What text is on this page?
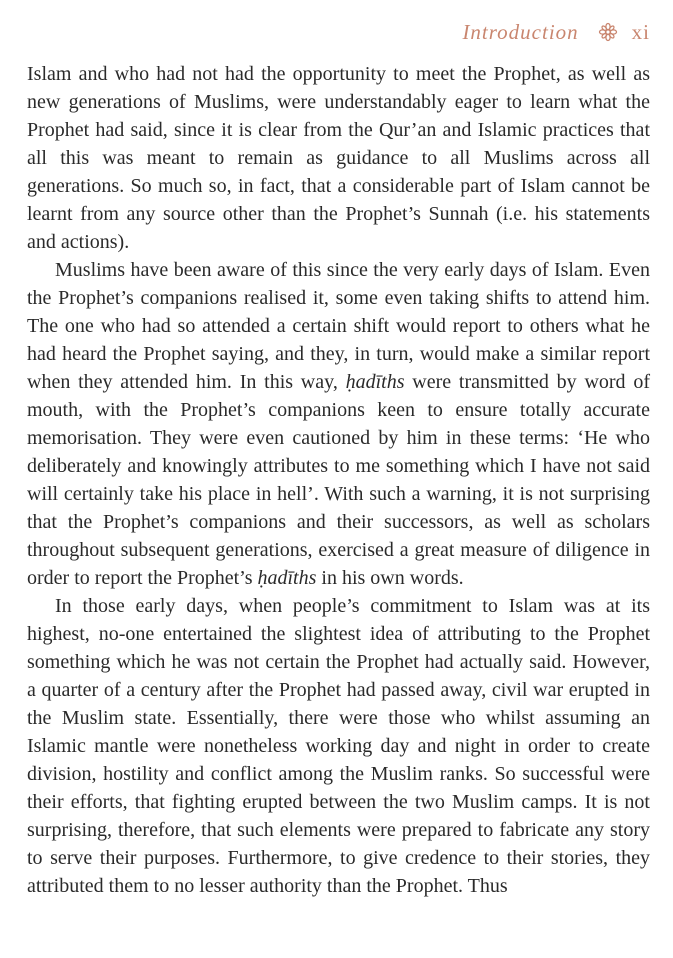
Introduction	xi

Islam and who had not had the opportunity to meet the Prophet, as well as new generations of Muslims, were understandably eager to learn what the Prophet had said, since it is clear from the Qur’an and Islamic practices that all this was meant to remain as guidance to all Muslims across all generations. So much so, in fact, that a considerable part of Islam cannot be learnt from any source other than the Prophet’s Sunnah (i.e. his statements and actions).

Muslims have been aware of this since the very early days of Islam. Even the Prophet’s companions realised it, some even taking shifts to attend him. The one who had so attended a certain shift would report to others what he had heard the Prophet saying, and they, in turn, would make a similar report when they attended him. In this way, ḥadīths were transmitted by word of mouth, with the Prophet’s companions keen to ensure totally accurate memorisation. They were even cautioned by him in these terms: ‘He who deliberately and knowingly attributes to me something which I have not said will certainly take his place in hell’. With such a warning, it is not surprising that the Prophet’s companions and their successors, as well as scholars throughout subsequent generations, exercised a great measure of diligence in order to report the Prophet’s ḥadīths in his own words.

In those early days, when people’s commitment to Islam was at its highest, no-one entertained the slightest idea of attributing to the Prophet something which he was not certain the Prophet had actually said. However, a quarter of a century after the Prophet had passed away, civil war erupted in the Muslim state. Essentially, there were those who whilst assuming an Islamic mantle were nonetheless working day and night in order to create division, hostility and conflict among the Muslim ranks. So successful were their efforts, that fighting erupted between the two Muslim camps. It is not surprising, therefore, that such elements were prepared to fabricate any story to serve their purposes. Furthermore, to give credence to their stories, they attributed them to no lesser authority than the Prophet. Thus
